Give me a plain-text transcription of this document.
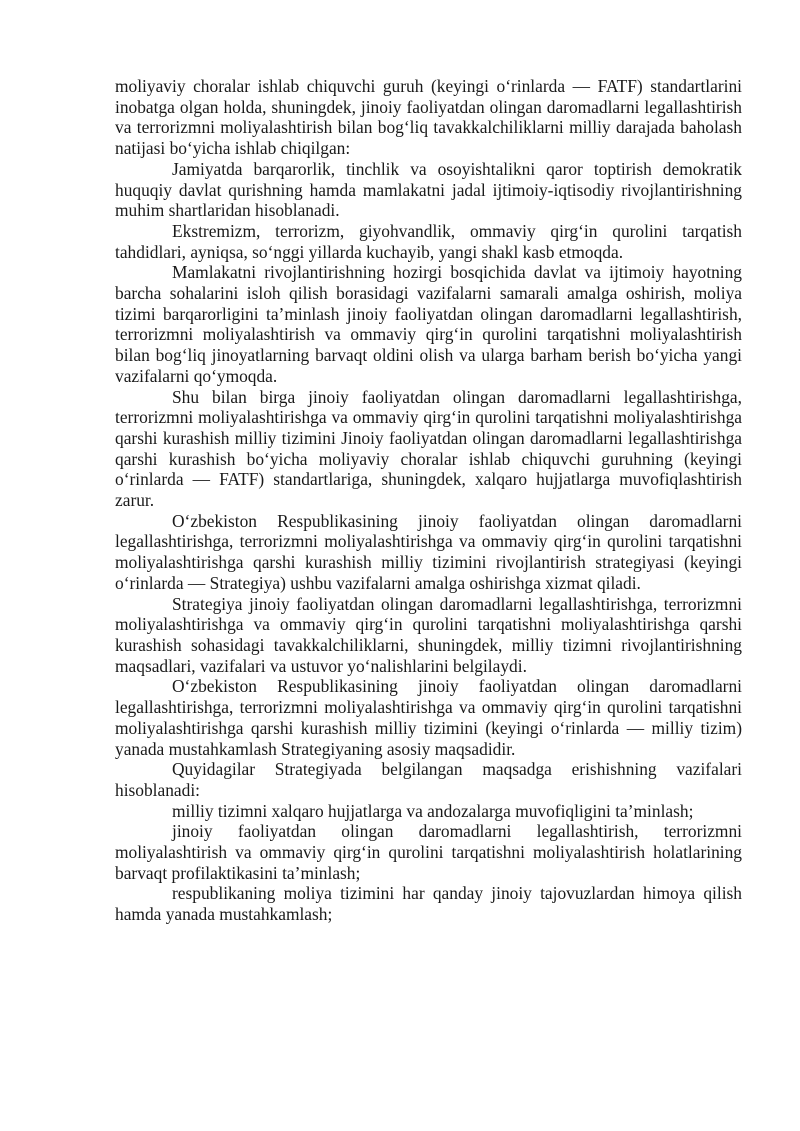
moliyaviy choralar ishlab chiquvchi guruh (keyingi o‘rinlarda — FATF) standartlarini inobatga olgan holda, shuningdek, jinoiy faoliyatdan olingan daromadlarni legallashtirish va terrorizmni moliyalashtirish bilan bog‘liq tavakkalchiliklarni milliy darajada baholash natijasi bo‘yicha ishlab chiqilgan:

Jamiyatda barqarorlik, tinchlik va osoyishtalikni qaror toptirish demokratik huquqiy davlat qurishning hamda mamlakatni jadal ijtimoiy-iqtisodiy rivojlantirishning muhim shartlaridan hisoblanadi.

Ekstremizm, terrorizm, giyohvandlik, ommaviy qirg‘in qurolini tarqatish tahdidlari, ayniqsa, so‘nggi yillarda kuchayib, yangi shakl kasb etmoqda.

Mamlakatni rivojlantirishning hozirgi bosqichida davlat va ijtimoiy hayotning barcha sohalarini isloh qilish borasidagi vazifalarni samarali amalga oshirish, moliya tizimi barqarorligini ta’minlash jinoiy faoliyatdan olingan daromadlarni legallashtirish, terrorizmni moliyalashtirish va ommaviy qirg‘in qurolini tarqatishni moliyalashtirish bilan bog‘liq jinoyatlarning barvaqt oldini olish va ularga barham berish bo‘yicha yangi vazifalarni qo‘ymoqda.

Shu bilan birga jinoiy faoliyatdan olingan daromadlarni legallashtirishga, terrorizmni moliyalashtirishga va ommaviy qirg‘in qurolini tarqatishni moliyalashtirishga qarshi kurashish milliy tizimini Jinoiy faoliyatdan olingan daromadlarni legallashtirishga qarshi kurashish bo‘yicha moliyaviy choralar ishlab chiquvchi guruhning (keyingi o‘rinlarda — FATF) standartlariga, shuningdek, xalqaro hujjatlarga muvofiqlashtirish zarur.

O‘zbekiston Respublikasining jinoiy faoliyatdan olingan daromadlarni legallashtirishga, terrorizmni moliyalashtirishga va ommaviy qirg‘in qurolini tarqatishni moliyalashtirishga qarshi kurashish milliy tizimini rivojlantirish strategiyasi (keyingi o‘rinlarda — Strategiya) ushbu vazifalarni amalga oshirishga xizmat qiladi.

Strategiya jinoiy faoliyatdan olingan daromadlarni legallashtirishga, terrorizmni moliyalashtirishga va ommaviy qirg‘in qurolini tarqatishni moliyalashtirishga qarshi kurashish sohasidagi tavakkalchiliklarni, shuningdek, milliy tizimni rivojlantirishning maqsadlari, vazifalari va ustuvor yo‘nalishlarini belgilaydi.

O‘zbekiston Respublikasining jinoiy faoliyatdan olingan daromadlarni legallashtirishga, terrorizmni moliyalashtirishga va ommaviy qirg‘in qurolini tarqatishni moliyalashtirishga qarshi kurashish milliy tizimini (keyingi o‘rinlarda — milliy tizim) yanada mustahkamlash Strategiyaning asosiy maqsadidir.

Quyidagilar Strategiyada belgilangan maqsadga erishishning vazifalari hisoblanadi:

milliy tizimni xalqaro hujjatlarga va andozalarga muvofiqligini ta’minlash;

jinoiy faoliyatdan olingan daromadlarni legallashtirish, terrorizmni moliyalashtirish va ommaviy qirg‘in qurolini tarqatishni moliyalashtirish holatlarining barvaqt profilaktikasini ta’minlash;

respublikaning moliya tizimini har qanday jinoiy tajovuzlardan himoya qilish hamda yanada mustahkamlash;
